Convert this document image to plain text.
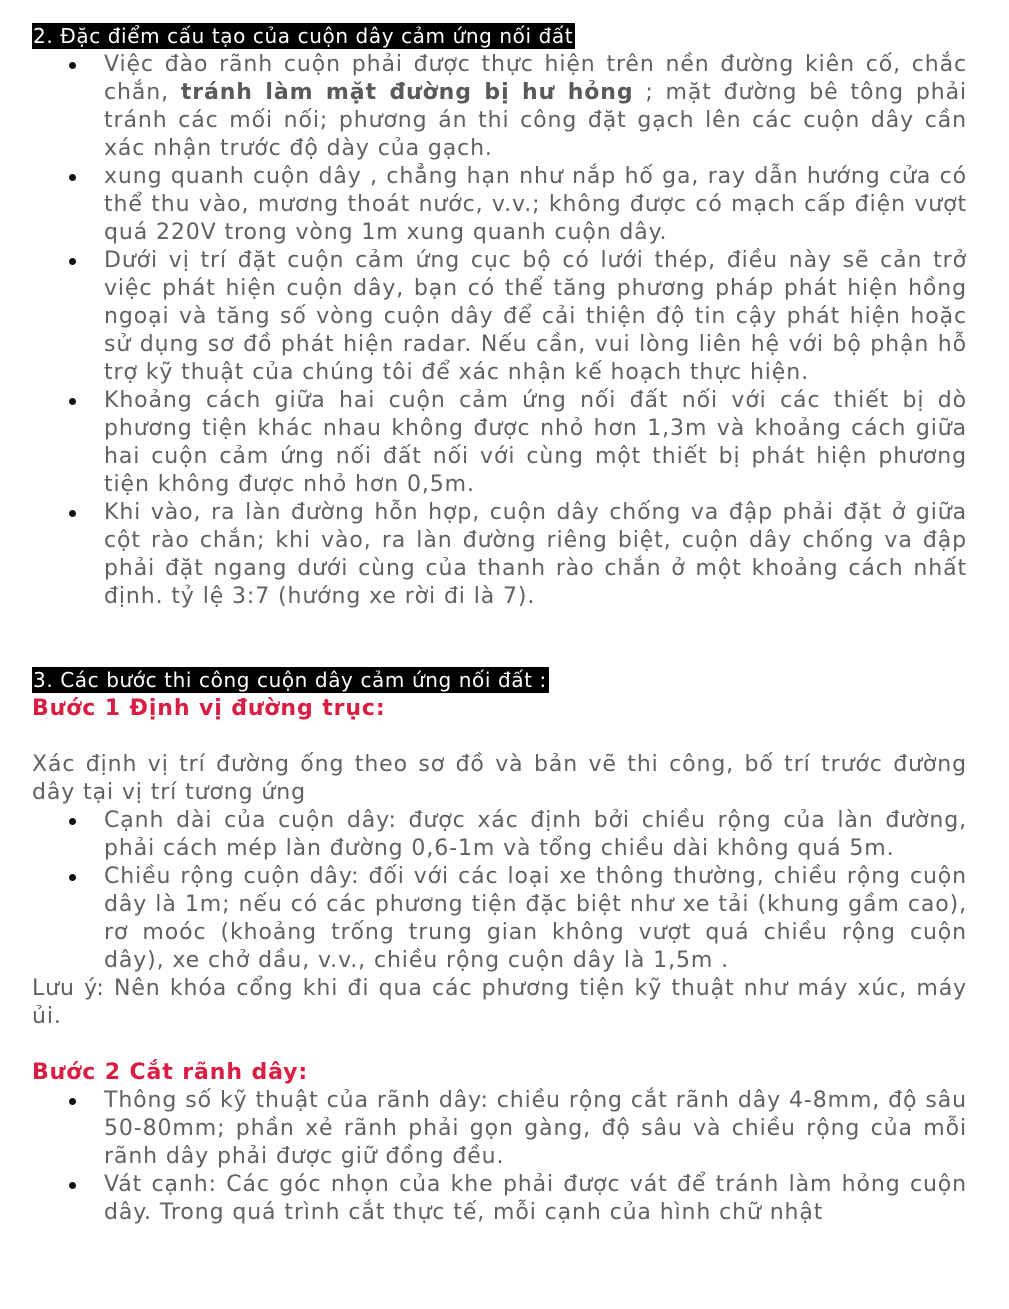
2. Đặc điểm cấu tạo của cuộn dây cảm ứng nối đất
Việc đào rãnh cuộn phải được thực hiện trên nền đường kiên cố, chắc chắn, tránh làm mặt đường bị hư hỏng ; mặt đường bê tông phải tránh các mối nối; phương án thi công đặt gạch lên các cuộn dây cần xác nhận trước độ dày của gạch.
xung quanh cuộn dây , chẳng hạn như nắp hố ga, ray dẫn hướng cửa có thể thu vào, mương thoát nước, v.v.; không được có mạch cấp điện vượt quá 220V trong vòng 1m xung quanh cuộn dây.
Dưới vị trí đặt cuộn cảm ứng cục bộ có lưới thép, điều này sẽ cản trở việc phát hiện cuộn dây, bạn có thể tăng phương pháp phát hiện hồng ngoại và tăng số vòng cuộn dây để cải thiện độ tin cậy phát hiện hoặc sử dụng sơ đồ phát hiện radar. Nếu cần, vui lòng liên hệ với bộ phận hỗ trợ kỹ thuật của chúng tôi để xác nhận kế hoạch thực hiện.
Khoảng cách giữa hai cuộn cảm ứng nối đất nối với các thiết bị dò phương tiện khác nhau không được nhỏ hơn 1,3m và khoảng cách giữa hai cuộn cảm ứng nối đất nối với cùng một thiết bị phát hiện phương tiện không được nhỏ hơn 0,5m.
Khi vào, ra làn đường hỗn hợp, cuộn dây chống va đập phải đặt ở giữa cột rào chắn; khi vào, ra làn đường riêng biệt, cuộn dây chống va đập phải đặt ngang dưới cùng của thanh rào chắn ở một khoảng cách nhất định. tỷ lệ 3:7 (hướng xe rời đi là 7).
3. Các bước thi công cuộn dây cảm ứng nối đất :
Bước 1 Định vị đường trục:

Xác định vị trí đường ống theo sơ đồ và bản vẽ thi công, bố trí trước đường dây tại vị trí tương ứng

Cạnh dài của cuộn dây: được xác định bởi chiều rộng của làn đường, phải cách mép làn đường 0,6-1m và tổng chiều dài không quá 5m.
Chiều rộng cuộn dây: đối với các loại xe thông thường, chiều rộng cuộn dây là 1m; nếu có các phương tiện đặc biệt như xe tải (khung gầm cao), rơ moóc (khoảng trống trung gian không vượt quá chiều rộng cuộn dây), xe chở dầu, v.v., chiều rộng cuộn dây là 1,5m .

Lưu ý: Nên khóa cổng khi đi qua các phương tiện kỹ thuật như máy xúc, máy ủi.

Bước 2 Cắt rãnh dây:
Thông số kỹ thuật của rãnh dây: chiều rộng cắt rãnh dây 4-8mm, độ sâu 50-80mm; phần xẻ rãnh phải gọn gàng, độ sâu và chiều rộng của mỗi rãnh dây phải được giữ đồng đều.
Vát cạnh: Các góc nhọn của khe phải được vát để tránh làm hỏng cuộn dây. Trong quá trình cắt thực tế, mỗi cạnh của hình chữ nhật
